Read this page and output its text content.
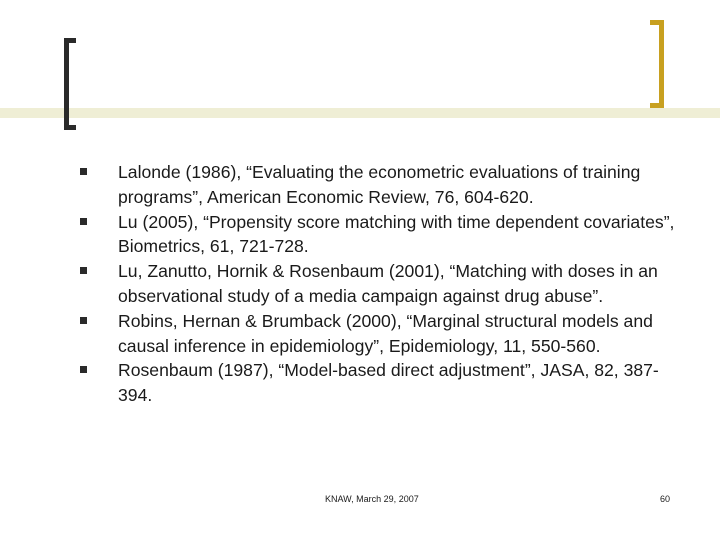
Lalonde (1986), “Evaluating the econometric evaluations of training programs”, American Economic Review, 76, 604-620.
Lu (2005), “Propensity score matching with time dependent covariates”, Biometrics, 61, 721-728.
Lu, Zanutto, Hornik & Rosenbaum (2001), “Matching with doses in an observational study of a media campaign against drug abuse”.
Robins, Hernan & Brumback (2000), “Marginal structural models and causal inference in epidemiology”, Epidemiology, 11, 550-560.
Rosenbaum (1987), “Model-based direct adjustment”, JASA, 82, 387-394.
KNAW, March 29, 2007	60
